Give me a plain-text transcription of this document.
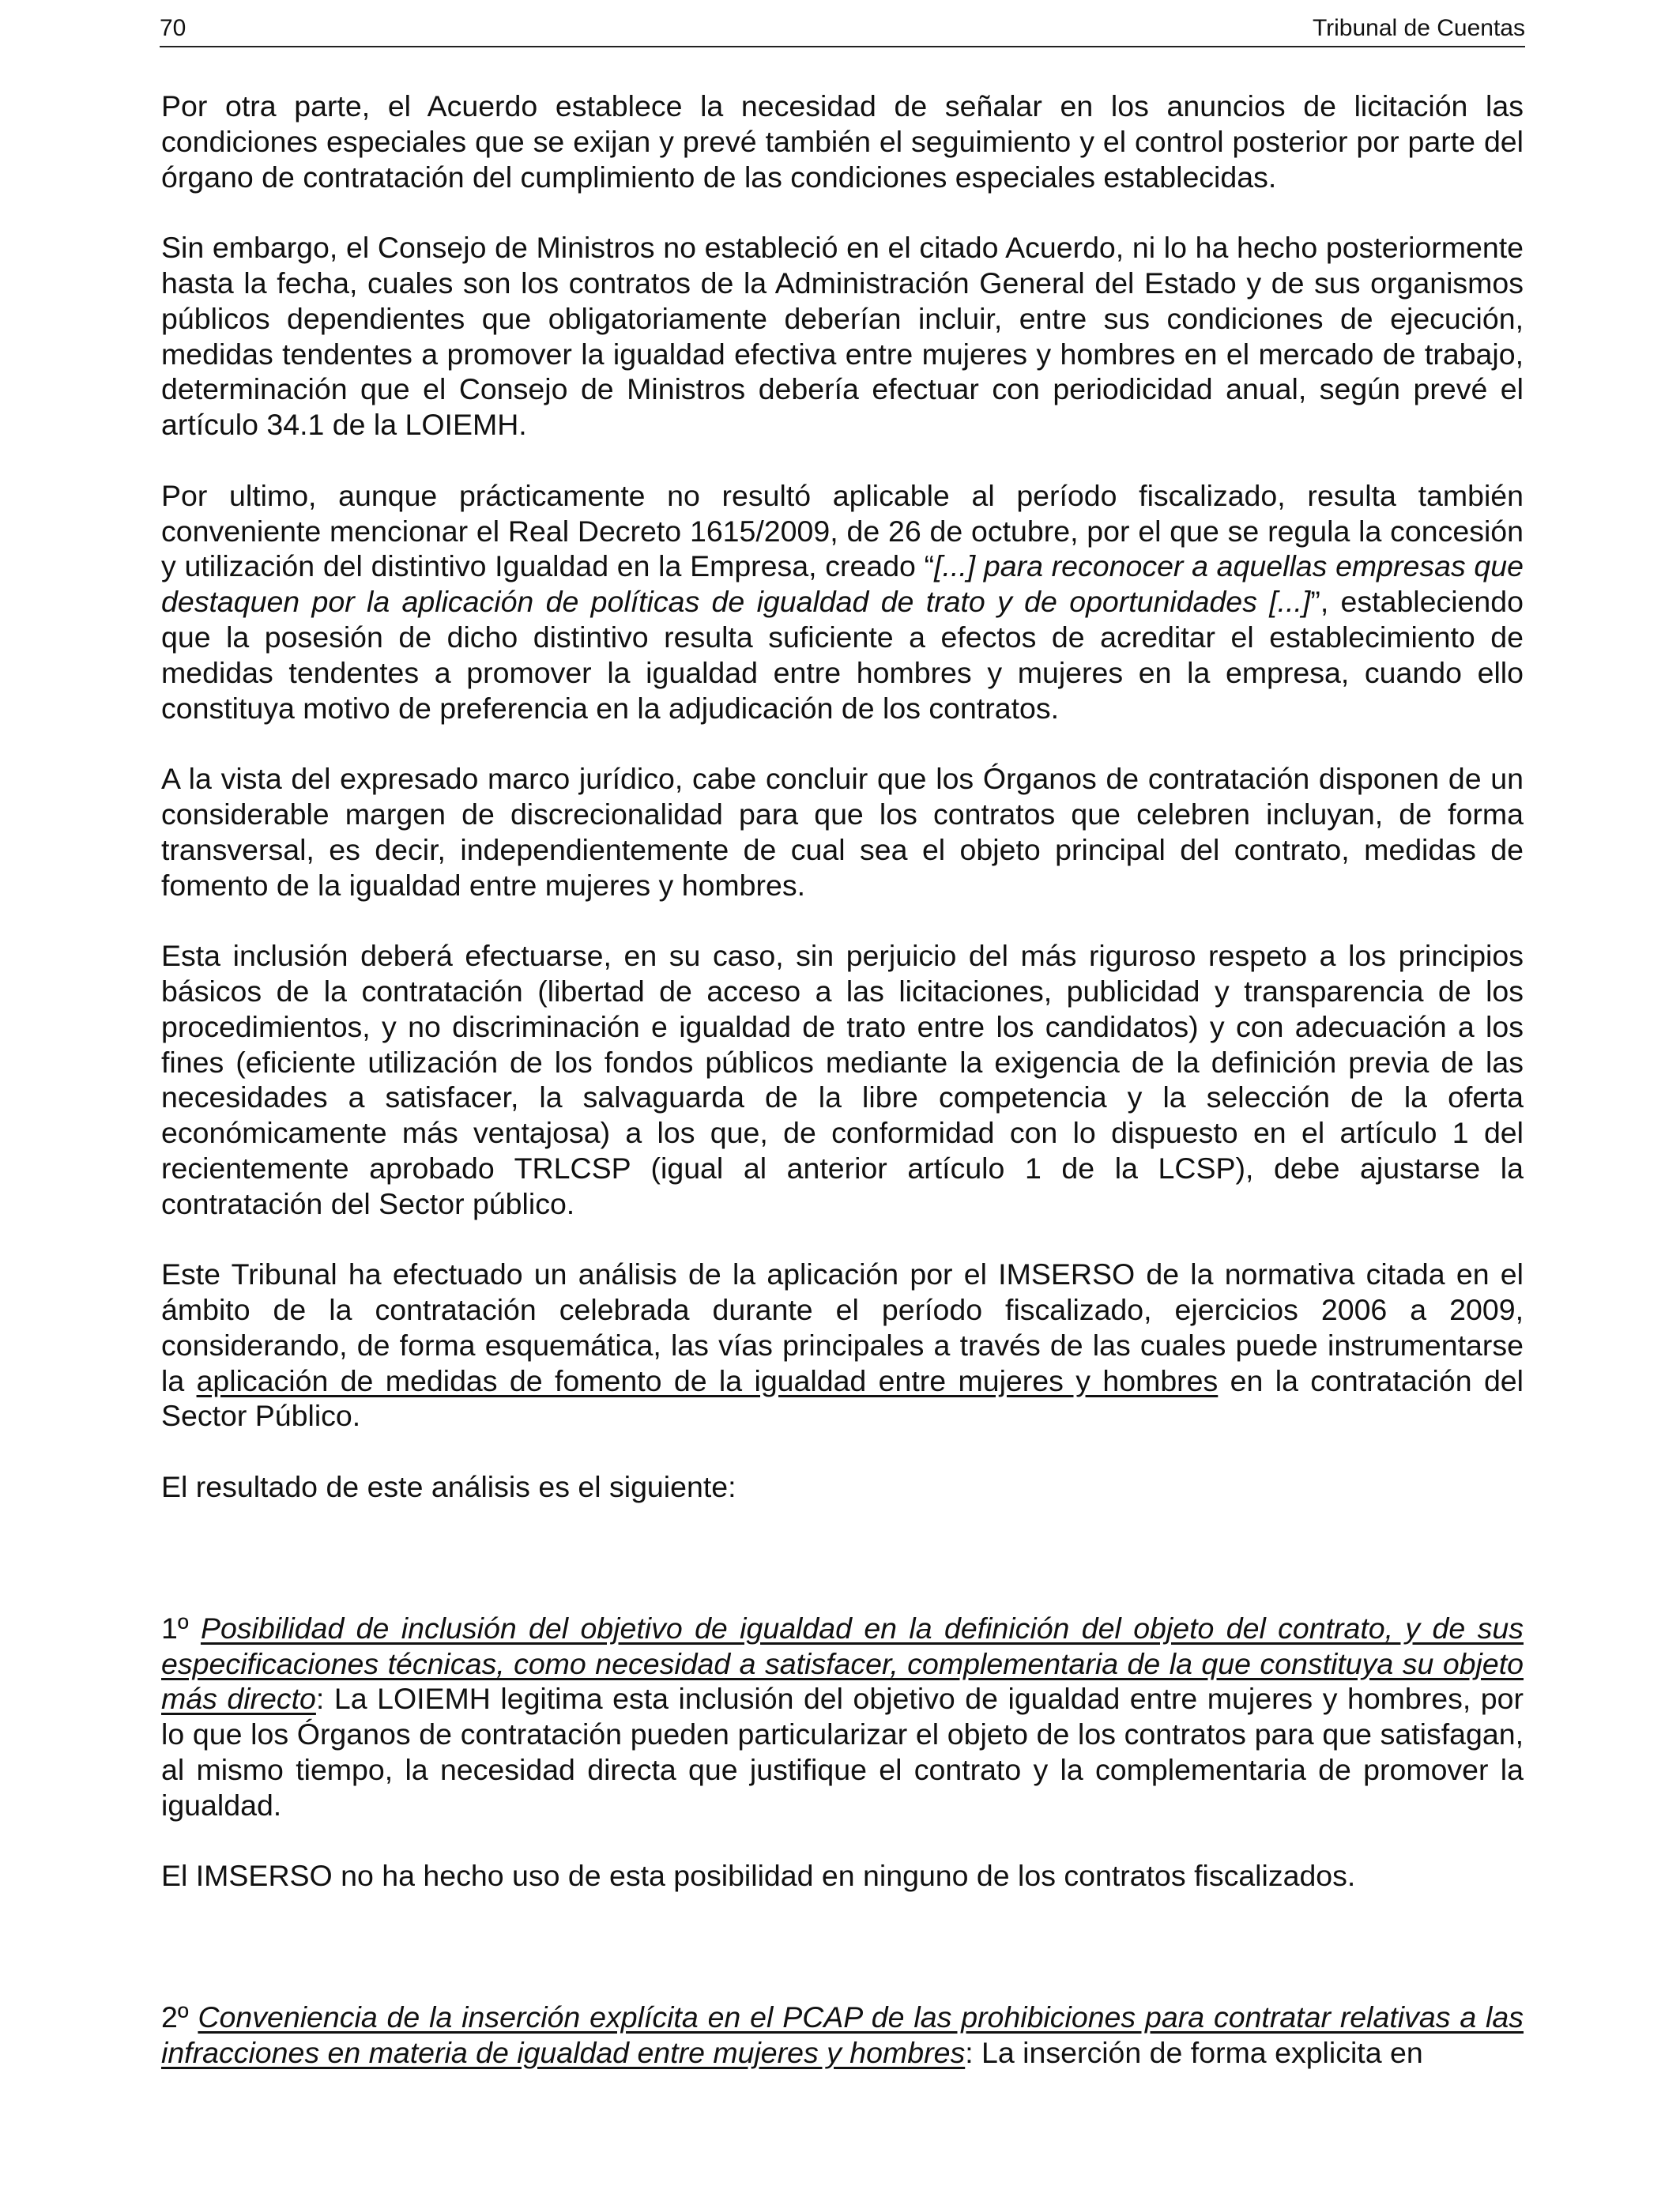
70	Tribunal de Cuentas

Por otra parte, el Acuerdo establece la necesidad de señalar en los anuncios de licitación las condiciones especiales que se exijan y prevé también el seguimiento y el control posterior por parte del órgano de contratación del cumplimiento de las condiciones especiales establecidas.

Sin embargo, el Consejo de Ministros no estableció en el citado Acuerdo, ni lo ha hecho posteriormente hasta la fecha, cuales son los contratos de la Administración General del Estado y de sus organismos públicos dependientes que obligatoriamente deberían incluir, entre sus condiciones de ejecución, medidas tendentes a promover la igualdad efectiva entre mujeres y hombres en el mercado de trabajo, determinación que el Consejo de Ministros debería efectuar con periodicidad anual, según prevé el artículo 34.1 de la LOIEMH.

Por ultimo, aunque prácticamente no resultó aplicable al período fiscalizado, resulta también conveniente mencionar el Real Decreto 1615/2009, de 26 de octubre, por el que se regula la concesión y utilización del distintivo Igualdad en la Empresa, creado “[...] para reconocer a aquellas empresas que destaquen por la aplicación de políticas de igualdad de trato y de oportunidades [...]”, estableciendo que la posesión de dicho distintivo resulta suficiente a efectos de acreditar el establecimiento de medidas tendentes a promover la igualdad entre hombres y mujeres en la empresa, cuando ello constituya motivo de preferencia en la adjudicación de los contratos.

A la vista del expresado marco jurídico, cabe concluir que los Órganos de contratación disponen de un considerable margen de discrecionalidad para que los contratos que celebren incluyan, de forma transversal, es decir, independientemente de cual sea el objeto principal del contrato, medidas de fomento de la igualdad entre mujeres y hombres.

Esta inclusión deberá efectuarse, en su caso, sin perjuicio del más riguroso respeto a los principios básicos de la contratación (libertad de acceso a las licitaciones, publicidad y transparencia de los procedimientos, y no discriminación e igualdad de trato entre los candidatos) y con adecuación a los fines (eficiente utilización de los fondos públicos mediante la exigencia de la definición previa de las necesidades a satisfacer, la salvaguarda de la libre competencia y la selección de la oferta económicamente más ventajosa) a los que, de conformidad con lo dispuesto en el artículo 1 del recientemente aprobado TRLCSP (igual al anterior artículo 1 de la LCSP), debe ajustarse la contratación del Sector público.

Este Tribunal ha efectuado un análisis de la aplicación por el IMSERSO de la normativa citada en el ámbito de la contratación celebrada durante el período fiscalizado, ejercicios 2006 a 2009, considerando, de forma esquemática, las vías principales a través de las cuales puede instrumentarse la aplicación de medidas de fomento de la igualdad entre mujeres y hombres en la contratación del Sector Público.

El resultado de este análisis es el siguiente:

1º Posibilidad de inclusión del objetivo de igualdad en la definición del objeto del contrato, y de sus especificaciones técnicas, como necesidad a satisfacer, complementaria de la que constituya su objeto más directo: La LOIEMH legitima esta inclusión del objetivo de igualdad entre mujeres y hombres, por lo que los Órganos de contratación pueden particularizar el objeto de los contratos para que satisfagan, al mismo tiempo, la necesidad directa que justifique el contrato y la complementaria de promover la igualdad.

El IMSERSO no ha hecho uso de esta posibilidad en ninguno de los contratos fiscalizados.

2º Conveniencia de la inserción explícita en el PCAP de las prohibiciones para contratar relativas a las infracciones en materia de igualdad entre mujeres y hombres: La inserción de forma explicita en
